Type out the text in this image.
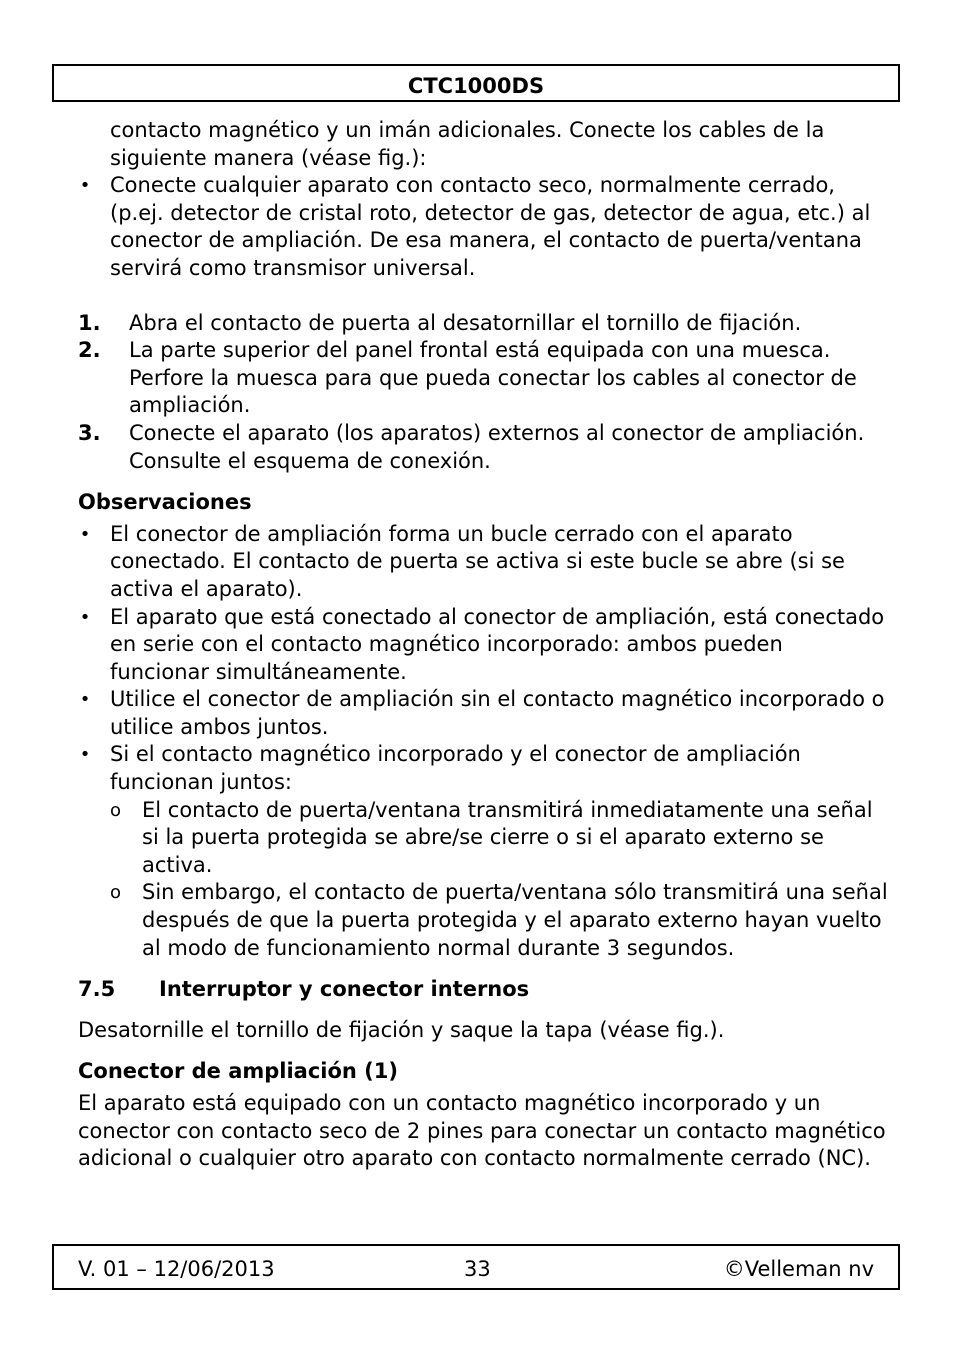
CTC1000DS

contacto magnético y un imán adicionales. Conecte los cables de la siguiente manera (véase fig.):

• Conecte cualquier aparato con contacto seco, normalmente cerrado, (p.ej. detector de cristal roto, detector de gas, detector de agua, etc.) al conector de ampliación. De esa manera, el contacto de puerta/ventana servirá como transmisor universal.
1. Abra el contacto de puerta al desatornillar el tornillo de fijación.
2. La parte superior del panel frontal está equipada con una muesca. Perfore la muesca para que pueda conectar los cables al conector de ampliación.
3. Conecte el aparato (los aparatos) externos al conector de ampliación. Consulte el esquema de conexión.
Observaciones
• El conector de ampliación forma un bucle cerrado con el aparato conectado. El contacto de puerta se activa si este bucle se abre (si se activa el aparato).
• El aparato que está conectado al conector de ampliación, está conectado en serie con el contacto magnético incorporado: ambos pueden funcionar simultáneamente.
• Utilice el conector de ampliación sin el contacto magnético incorporado o utilice ambos juntos.
• Si el contacto magnético incorporado y el conector de ampliación funcionan juntos:
o El contacto de puerta/ventana transmitirá inmediatamente una señal si la puerta protegida se abre/se cierre o si el aparato externo se activa.
o Sin embargo, el contacto de puerta/ventana sólo transmitirá una señal después de que la puerta protegida y el aparato externo hayan vuelto al modo de funcionamiento normal durante 3 segundos.
7.5 Interruptor y conector internos

Desatornille el tornillo de fijación y saque la tapa (véase fig.).

Conector de ampliación (1)

El aparato está equipado con un contacto magnético incorporado y un conector con contacto seco de 2 pines para conectar un contacto magnético adicional o cualquier otro aparato con contacto normalmente cerrado (NC).

V. 01 – 12/06/2013	33	©Velleman nv
